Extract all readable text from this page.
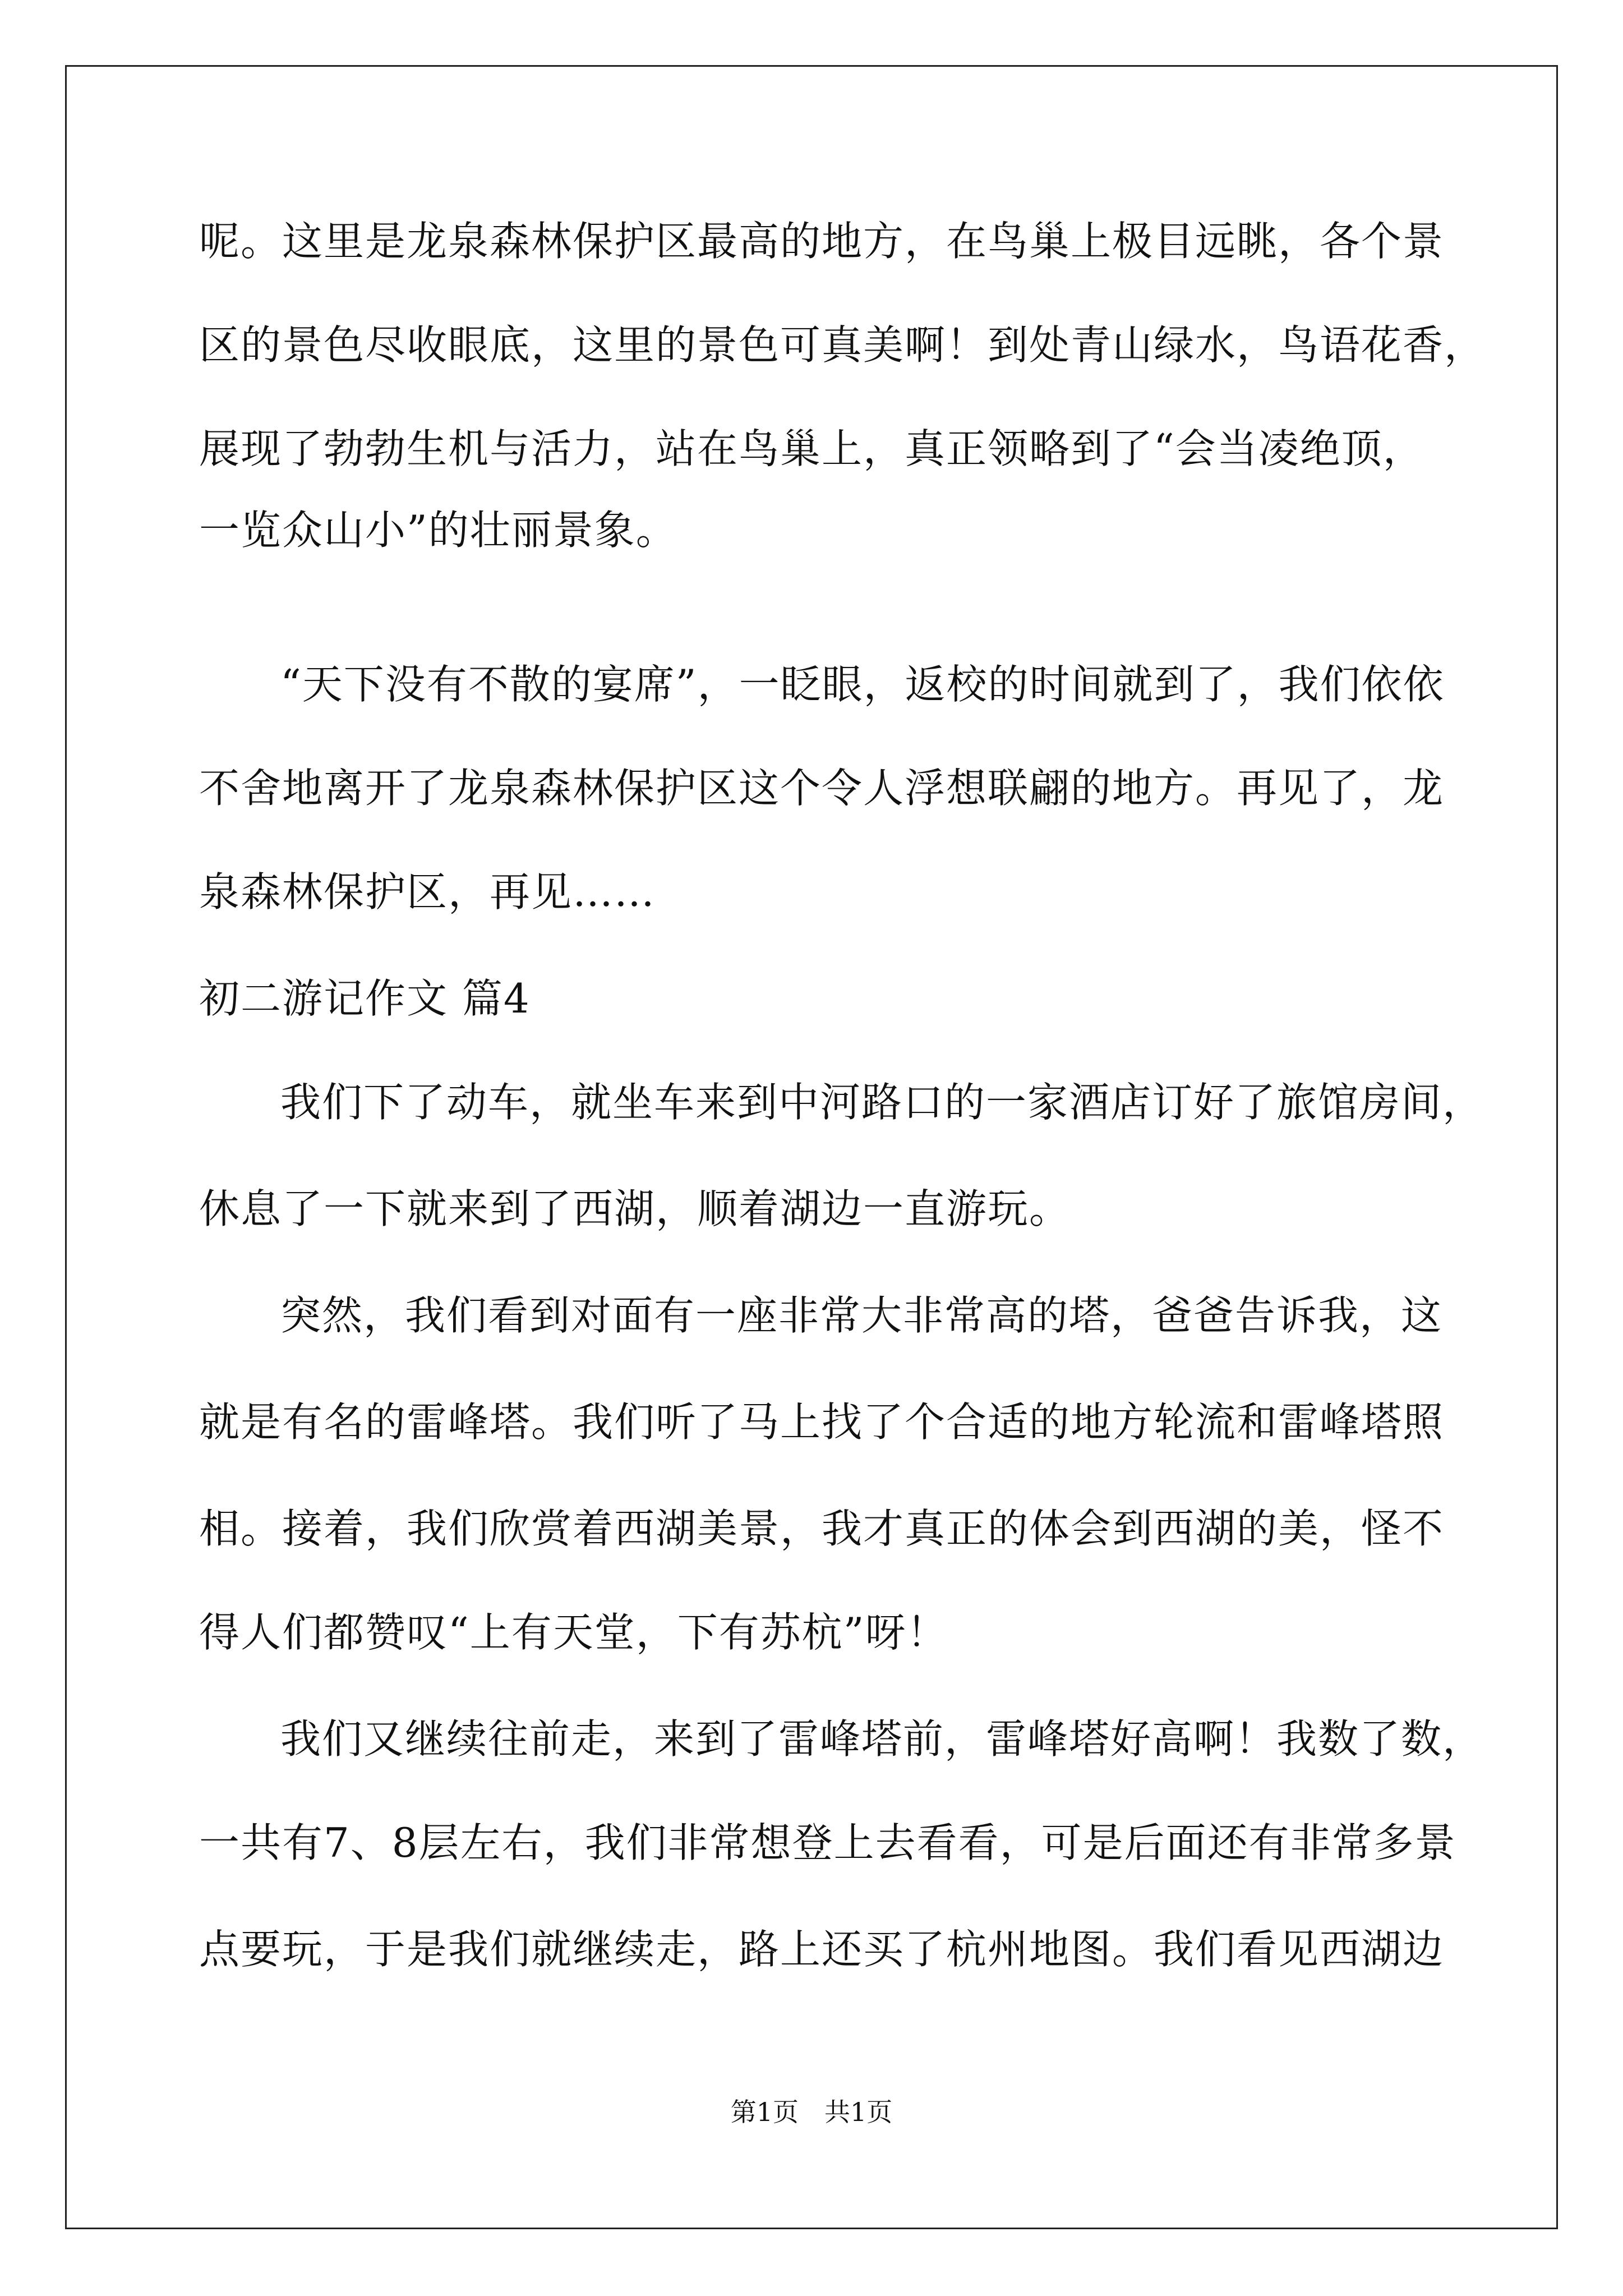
呢。这里是龙泉森林保护区最高的地方，在鸟巢上极目远眺，各个景
区的景色尽收眼底，这里的景色可真美啊！到处青山绿水，鸟语花香，
展现了勃勃生机与活力，站在鸟巢上，真正领略到了“会当凌绝顶，
一览众山小”的壮丽景象。
“天下没有不散的宴席”，一眨眼，返校的时间就到了，我们依依
不舍地离开了龙泉森林保护区这个令人浮想联翩的地方。再见了，龙
泉森林保护区，再见……
初二游记作文 篇4
我们下了动车，就坐车来到中河路口的一家酒店订好了旅馆房间，
休息了一下就来到了西湖，顺着湖边一直游玩。
突然，我们看到对面有一座非常大非常高的塔，爸爸告诉我，这
就是有名的雷峰塔。我们听了马上找了个合适的地方轮流和雷峰塔照
相。接着，我们欣赏着西湖美景，我才真正的体会到西湖的美，怪不
得人们都赞叹“上有天堂，下有苏杭”呀！
我们又继续往前走，来到了雷峰塔前，雷峰塔好高啊！我数了数，
一共有7、8层左右，我们非常想登上去看看，可是后面还有非常多景
点要玩，于是我们就继续走，路上还买了杭州地图。我们看见西湖边
第1页　共1页
